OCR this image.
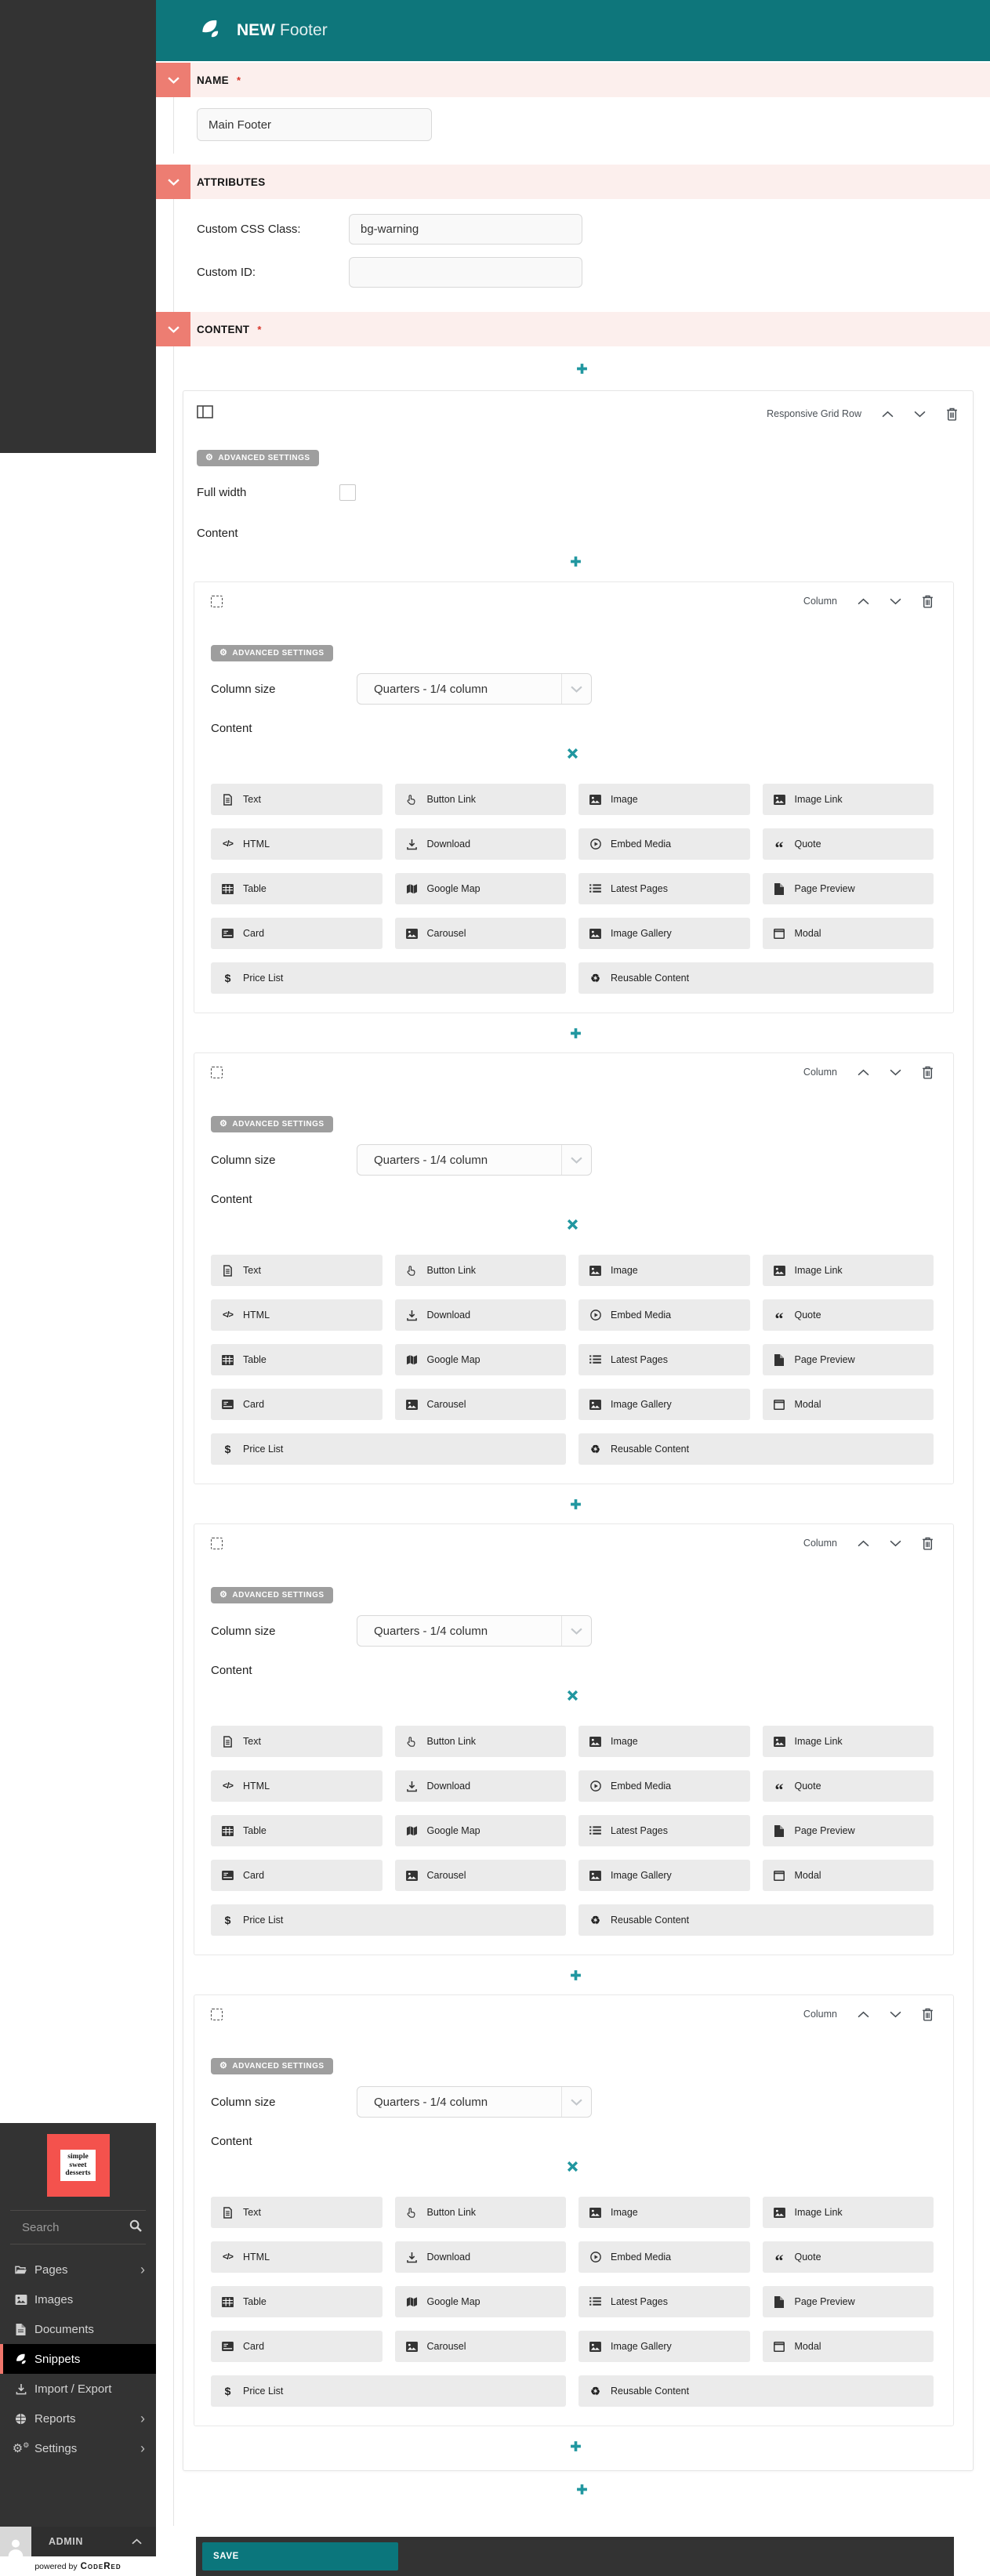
NEW Footer
NAME *
Main Footer
ATTRIBUTES
Custom CSS Class:
bg-warning
Custom ID:
CONTENT *
Responsive Grid Row
⚙ ADVANCED SETTINGS
Full width
Content
Column
⚙ ADVANCED SETTINGS
Column size	Quarters - 1/4 column
Content
Text	Button Link	Image	Image Link
</> HTML	Download	Embed Media	“ Quote
Table	Google Map	Latest Pages	Page Preview
Card	Carousel	Image Gallery	Modal
$ Price List	♻ Reusable Content
Column
⚙ ADVANCED SETTINGS
Column size	Quarters - 1/4 column
Content
Text	Button Link	Image	Image Link
</> HTML	Download	Embed Media	“ Quote
Table	Google Map	Latest Pages	Page Preview
Card	Carousel	Image Gallery	Modal
$ Price List	♻ Reusable Content
Column
⚙ ADVANCED SETTINGS
Column size	Quarters - 1/4 column
Content
Text	Button Link	Image	Image Link
</> HTML	Download	Embed Media	“ Quote
Table	Google Map	Latest Pages	Page Preview
Card	Carousel	Image Gallery	Modal
$ Price List	♻ Reusable Content
Column
⚙ ADVANCED SETTINGS
Column size	Quarters - 1/4 column
Content
Text	Button Link	Image	Image Link
</> HTML	Download	Embed Media	“ Quote
Table	Google Map	Latest Pages	Page Preview
Card	Carousel	Image Gallery	Modal
$ Price List	♻ Reusable Content
simple
sweet
desserts
Search
Pages	›
Images
Documents
Snippets
Import / Export
Reports	›
⚙⚙ Settings	›
ADMIN
powered by CodeRed
SAVE
